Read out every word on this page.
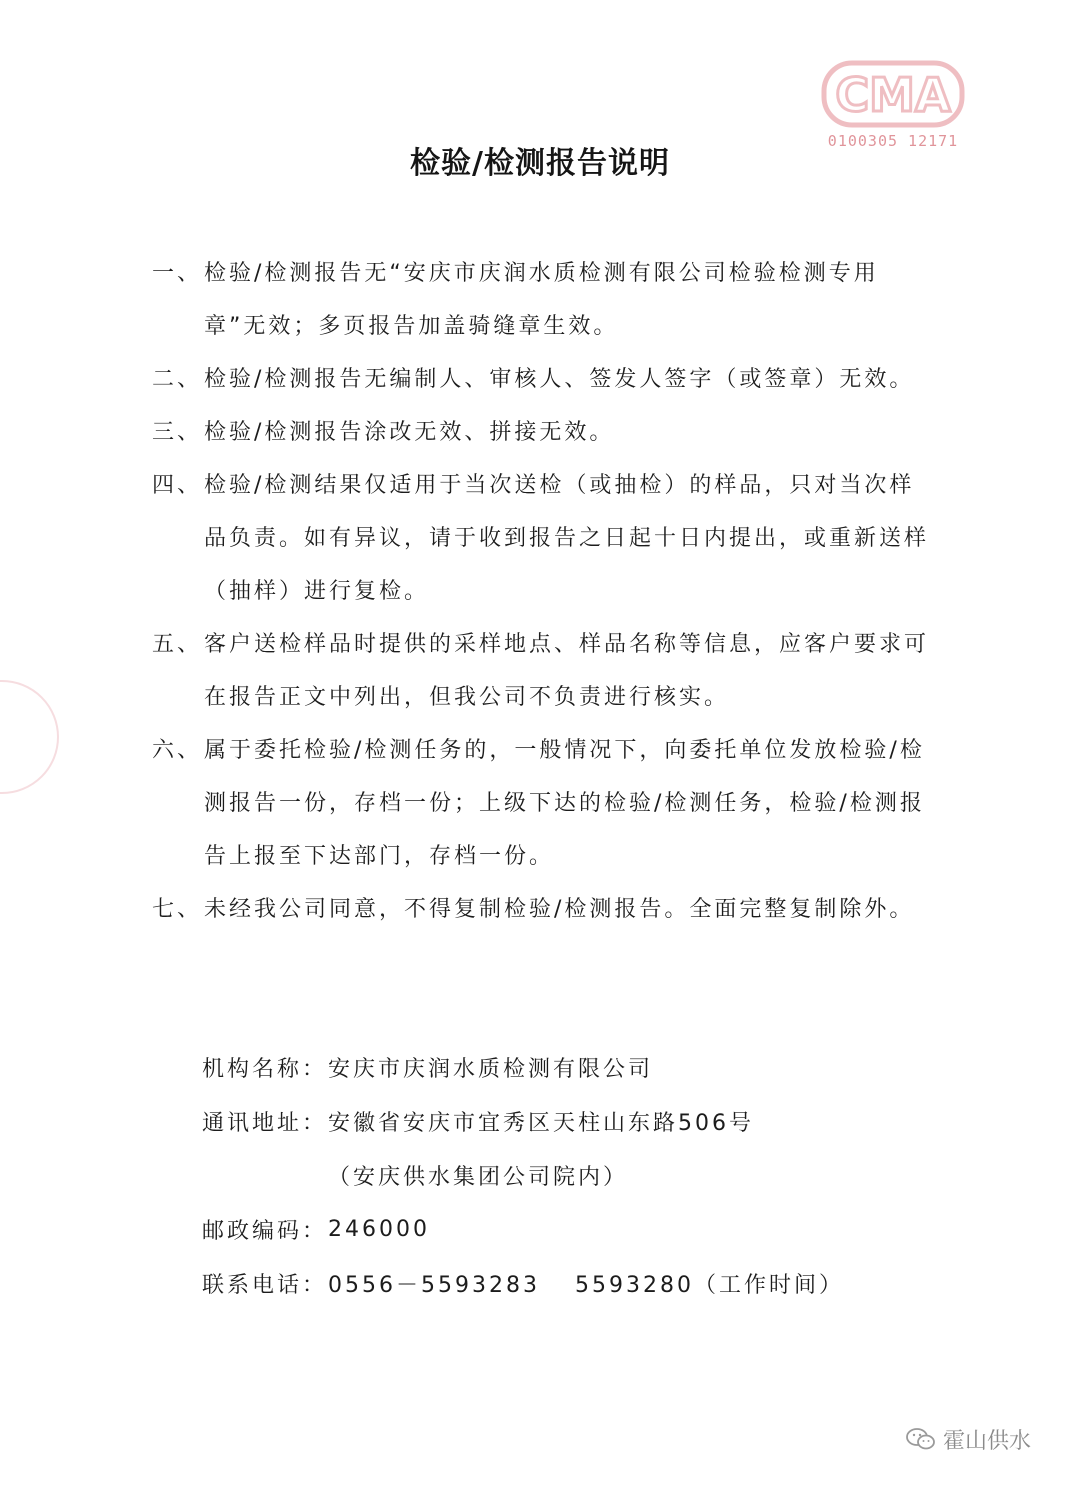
CMA
0100305 12171
检验/检测报告说明
一、 检验/检测报告无“安庆市庆润水质检测有限公司检验检测专用章”无效；多页报告加盖骑缝章生效。
二、 检验/检测报告无编制人、审核人、签发人签字（或签章）无效。
三、 检验/检测报告涂改无效、拼接无效。
四、 检验/检测结果仅适用于当次送检（或抽检）的样品，只对当次样品负责。如有异议，请于收到报告之日起十日内提出，或重新送样（抽样）进行复检。
五、 客户送检样品时提供的采样地点、样品名称等信息，应客户要求可在报告正文中列出，但我公司不负责进行核实。
六、 属于委托检验/检测任务的，一般情况下，向委托单位发放检验/检测报告一份，存档一份；上级下达的检验/检测任务，检验/检测报告上报至下达部门，存档一份。
七、 未经我公司同意，不得复制检验/检测报告。全面完整复制除外。
机构名称： 安庆市庆润水质检测有限公司
通讯地址： 安徽省安庆市宜秀区天柱山东路506号
（安庆供水集团公司院内）
邮政编码： 246000
联系电话： 0556－5593283　 5593280（工作时间）
霍山供水
